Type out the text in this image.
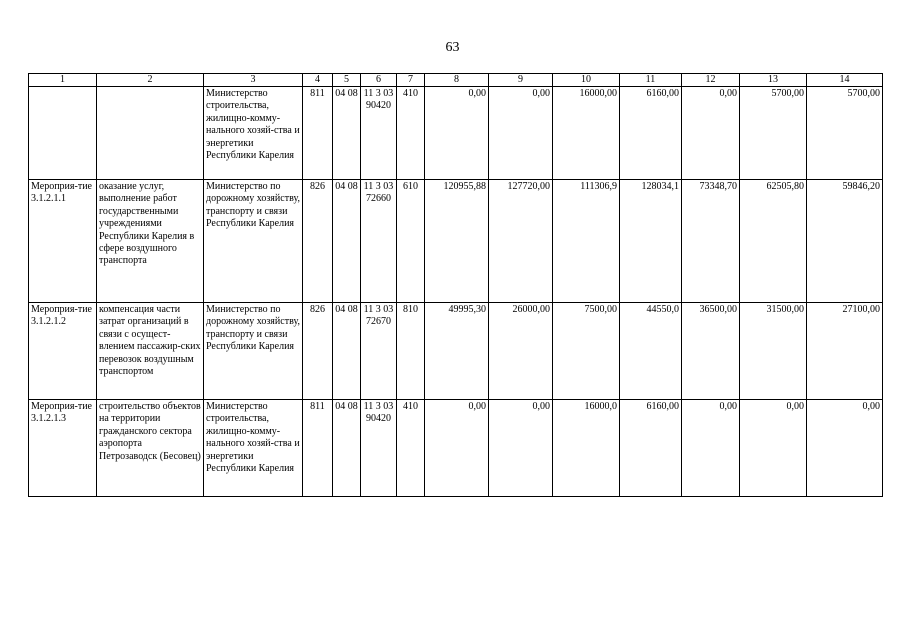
63
1	2	3	4	5	6	7	8	9	10	11	12	13	14
		Министерство строительства, жилищно-комму-нального хозяй-ства и энергетики Республики Карелия	811	04 08	11 3 03 90420	410	0,00	0,00	16000,00	6160,00	0,00	5700,00	5700,00
Мероприя-тие 3.1.2.1.1	оказание услуг, выполнение работ государственными учреждениями Республики Карелия в сфере воздушного транспорта	Министерство по дорожному хозяйству, транспорту и связи Республики Карелия	826	04 08	11 3 03 72660	610	120955,88	127720,00	111306,9	128034,1	73348,70	62505,80	59846,20
Мероприя-тие 3.1.2.1.2	компенсация части затрат организаций в связи с осущест-влением пассажир-ских перевозок воздушным транспортом	Министерство по дорожному хозяйству, транспорту и связи Республики Карелия	826	04 08	11 3 03 72670	810	49995,30	26000,00	7500,00	44550,0	36500,00	31500,00	27100,00
Мероприя-тие 3.1.2.1.3	строительство объектов на территории гражданского сектора аэропорта Петрозаводск (Бесовец)	Министерство строительства, жилищно-комму-нального хозяй-ства и энергетики Республики Карелия	811	04 08	11 3 03 90420	410	0,00	0,00	16000,0	6160,00	0,00	0,00	0,00
